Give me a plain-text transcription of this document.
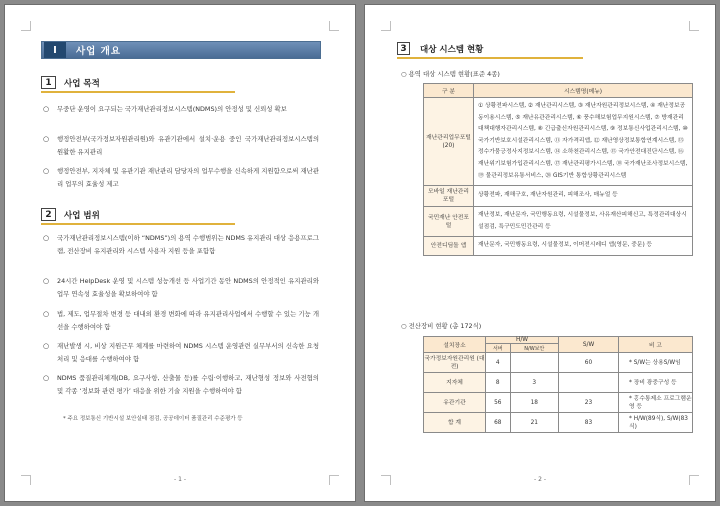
I	사업 개요
1	사업 목적
○ 무중단 운영이 요구되는 국가재난관리정보시스템(NDMS)의 안정성 및 신뢰성 확보
○ 행정안전부(국가정보자원관리원)와 유관기관에서 설치·운용 중인 국가재난관리정보시스템의 원활한 유지관리
○ 행정안전부, 지자체 및 유관기관 재난관리 담당자의 업무수행을 신속하게 지원함으로써 재난관리 업무의 효율성 제고
2	사업 범위
○ 국가재난관리정보시스템(이하 “NDMS”)의 용역 수행범위는 NDMS 유지관리 대상 응용프로그램, 전산장비 유지관리와 시스템 사용자 지원 등을 포함함
○ 24시간 HelpDesk 운영 및 시스템 성능개선 등 사업기간 동안 NDMS의 안정적인 유지관리와 업무 연속성 효율성을 확보하여야 함
○ 법, 제도, 업무절차 변경 등 대내외 환경 변화에 따라 유지관리사업에서 수행할 수 있는 기능 개선을 수행하여야 함
○ 재난발생 시, 비상 지원근무 체계를 마련하여 NDMS 시스템 운영관련 실무부서의 신속한 요청 처리 및 응대를 수행하여야 함
○ NDMS 품질관리체계(DB, 요구사항, 산출물 등)를 수립·이행하고, 재난형성 정보와 사전협의 및 각종 ‘정보화 관련 평가’ 대응을 위한 기술 지원을 수행하여야 함
* 주요 정보통신 기반시설 보안실태 점검, 공공데이터 품질관리 수준평가 등
- 1 -
3	대상 시스템 현황
○ 용역 대상 시스템 현황(표준 4종)
구 분	시스템명(메뉴)
재난관리업무포털 (20)	① 상황전파시스템, ② 재난관리시스템, ③ 재난자원관리정보시스템, ④ 재난정보공동이용시스템, ⑤ 재난유관관리시스템, ⑥ 풍수해보험업무지원시스템, ⑦ 방재관리대책대행자관리시스템, ⑧ 긴급출신자원관리시스템, ⑨ 정보통신사업관리시스템, ⑩ 국가기반보호시설관리시스템, ⑪ 자가격리앱, ⑫ 재난영상정보통합연계시스템, ⑬ 정수가뭄긍정사지정보시스템, ⑭ 소하천관리시스템, ⑮ 국가안전대진단시스템, ⑯ 재난위기보험가입관리시스템, ⑰ 재난관리평가시스템, ⑱ 국가재난조사정보시스템, ⑲ 물관리정보유통서비스, ⑳ GIS기반 통합상황관리시스템
모바일 재난관리포털	상황전파, 재해구호, 재난자원관리, 피해조사, 매뉴얼 등
국민재난 안전포털	재난정보, 재난문자, 국민행동요령, 시설물정보, 사유재산피해신고, 특정관리대상시설점검, 특구민도민간관리 등
안전디딤돌 앱	재난문자, 국민행동요령, 시설물정보, 이머전시레디 앱(영문, 중문) 등
○ 전산장비 현황 (총 172식)
설치장소	H/W		S/W	비 고
	서버	N/W보안		
국가정보자원관리원 (대전)	4		60	* S/W는 상용S/W임
지자체	8	3		* 장비 광중구성 등
유관기관	56	18	23	* 홍수통제소 프로그램운영 등
합 계	68	21	83	* H/W(89식), S/W(83식)
- 2 -
